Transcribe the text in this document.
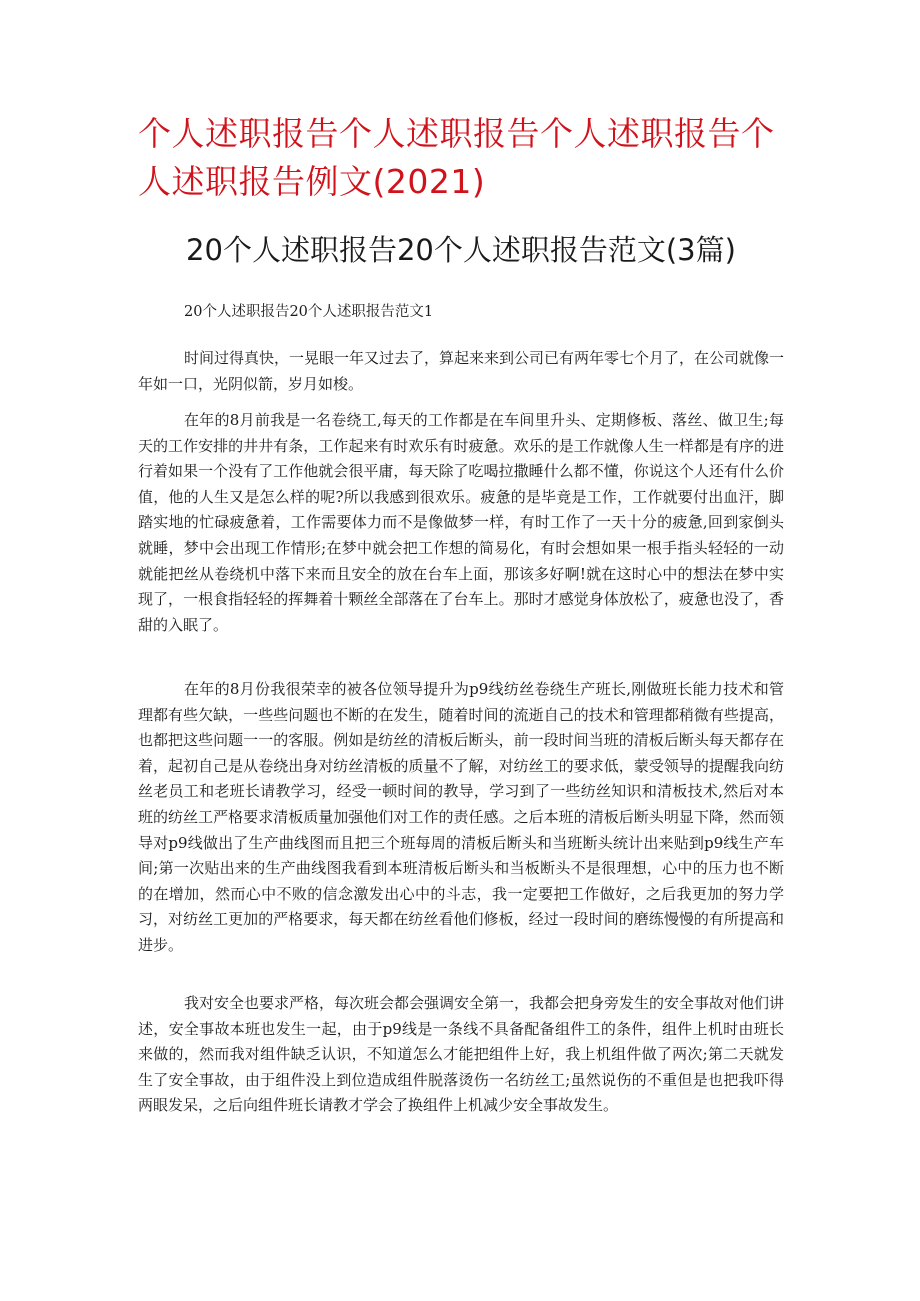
个人述职报告个人述职报告个人述职报告个人述职报告例文(2021)
20个人述职报告20个人述职报告范文(3篇)

20个人述职报告20个人述职报告范文1

时间过得真快，一晃眼一年又过去了，算起来来到公司已有两年零七个月了，在公司就像一年如一口，光阴似箭，岁月如梭。

在年的8月前我是一名卷绕工,每天的工作都是在车间里升头、定期修板、落丝、做卫生;每天的工作安排的井井有条，工作起来有时欢乐有时疲惫。欢乐的是工作就像人生一样都是有序的进行着如果一个没有了工作他就会很平庸，每天除了吃喝拉撒睡什么都不懂，你说这个人还有什么价值，他的人生又是怎么样的呢?所以我感到很欢乐。疲惫的是毕竟是工作，工作就要付出血汗，脚踏实地的忙碌疲惫着，工作需要体力而不是像做梦一样，有时工作了一天十分的疲惫,回到家倒头就睡，梦中会出现工作情形;在梦中就会把工作想的简易化，有时会想如果一根手指头轻轻的一动就能把丝从卷绕机中落下来而且安全的放在台车上面，那该多好啊!就在这时心中的想法在梦中实现了，一根食指轻轻的挥舞着十颗丝全部落在了台车上。那时才感觉身体放松了，疲惫也没了，香甜的入眠了。

在年的8月份我很荣幸的被各位领导提升为p9线纺丝卷绕生产班长,刚做班长能力技术和管理都有些欠缺，一些些问题也不断的在发生，随着时间的流逝自己的技术和管理都稍微有些提高，也都把这些问题一一的客服。例如是纺丝的清板后断头，前一段时间当班的清板后断头每天都存在着，起初自己是从卷绕出身对纺丝清板的质量不了解，对纺丝工的要求低，蒙受领导的提醒我向纺丝老员工和老班长请教学习，经受一顿时间的教导，学习到了一些纺丝知识和清板技术,然后对本班的纺丝工严格要求清板质量加强他们对工作的责任感。之后本班的清板后断头明显下降，然而领导对p9线做出了生产曲线图而且把三个班每周的清板后断头和当班断头统计出来贴到p9线生产车间;第一次贴出来的生产曲线图我看到本班清板后断头和当板断头不是很理想，心中的压力也不断的在增加，然而心中不败的信念激发出心中的斗志，我一定要把工作做好，之后我更加的努力学习，对纺丝工更加的严格要求，每天都在纺丝看他们修板，经过一段时间的磨练慢慢的有所提高和进步。

我对安全也要求严格，每次班会都会强调安全第一，我都会把身旁发生的安全事故对他们讲述，安全事故本班也发生一起，由于p9线是一条线不具备配备组件工的条件，组件上机时由班长来做的，然而我对组件缺乏认识，不知道怎么才能把组件上好，我上机组件做了两次;第二天就发生了安全事故，由于组件没上到位造成组件脱落烫伤一名纺丝工;虽然说伤的不重但是也把我吓得两眼发呆，之后向组件班长请教才学会了换组件上机减少安全事故发生。
